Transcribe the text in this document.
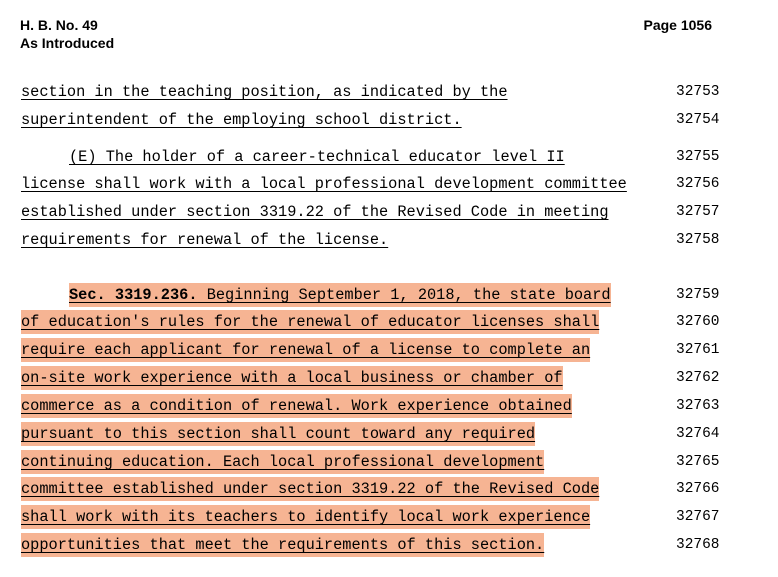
H. B. No. 49
As Introduced
Page 1056
section in the teaching position, as indicated by the	32753
superintendent of the employing school district.	32754
(E) The holder of a career-technical educator level II	32755
license shall work with a local professional development committee	32756
established under section 3319.22 of the Revised Code in meeting	32757
requirements for renewal of the license.	32758
Sec. 3319.236. Beginning September 1, 2018, the state board	32759
of education's rules for the renewal of educator licenses shall	32760
require each applicant for renewal of a license to complete an	32761
on-site work experience with a local business or chamber of	32762
commerce as a condition of renewal. Work experience obtained	32763
pursuant to this section shall count toward any required	32764
continuing education. Each local professional development	32765
committee established under section 3319.22 of the Revised Code	32766
shall work with its teachers to identify local work experience	32767
opportunities that meet the requirements of this section.	32768
